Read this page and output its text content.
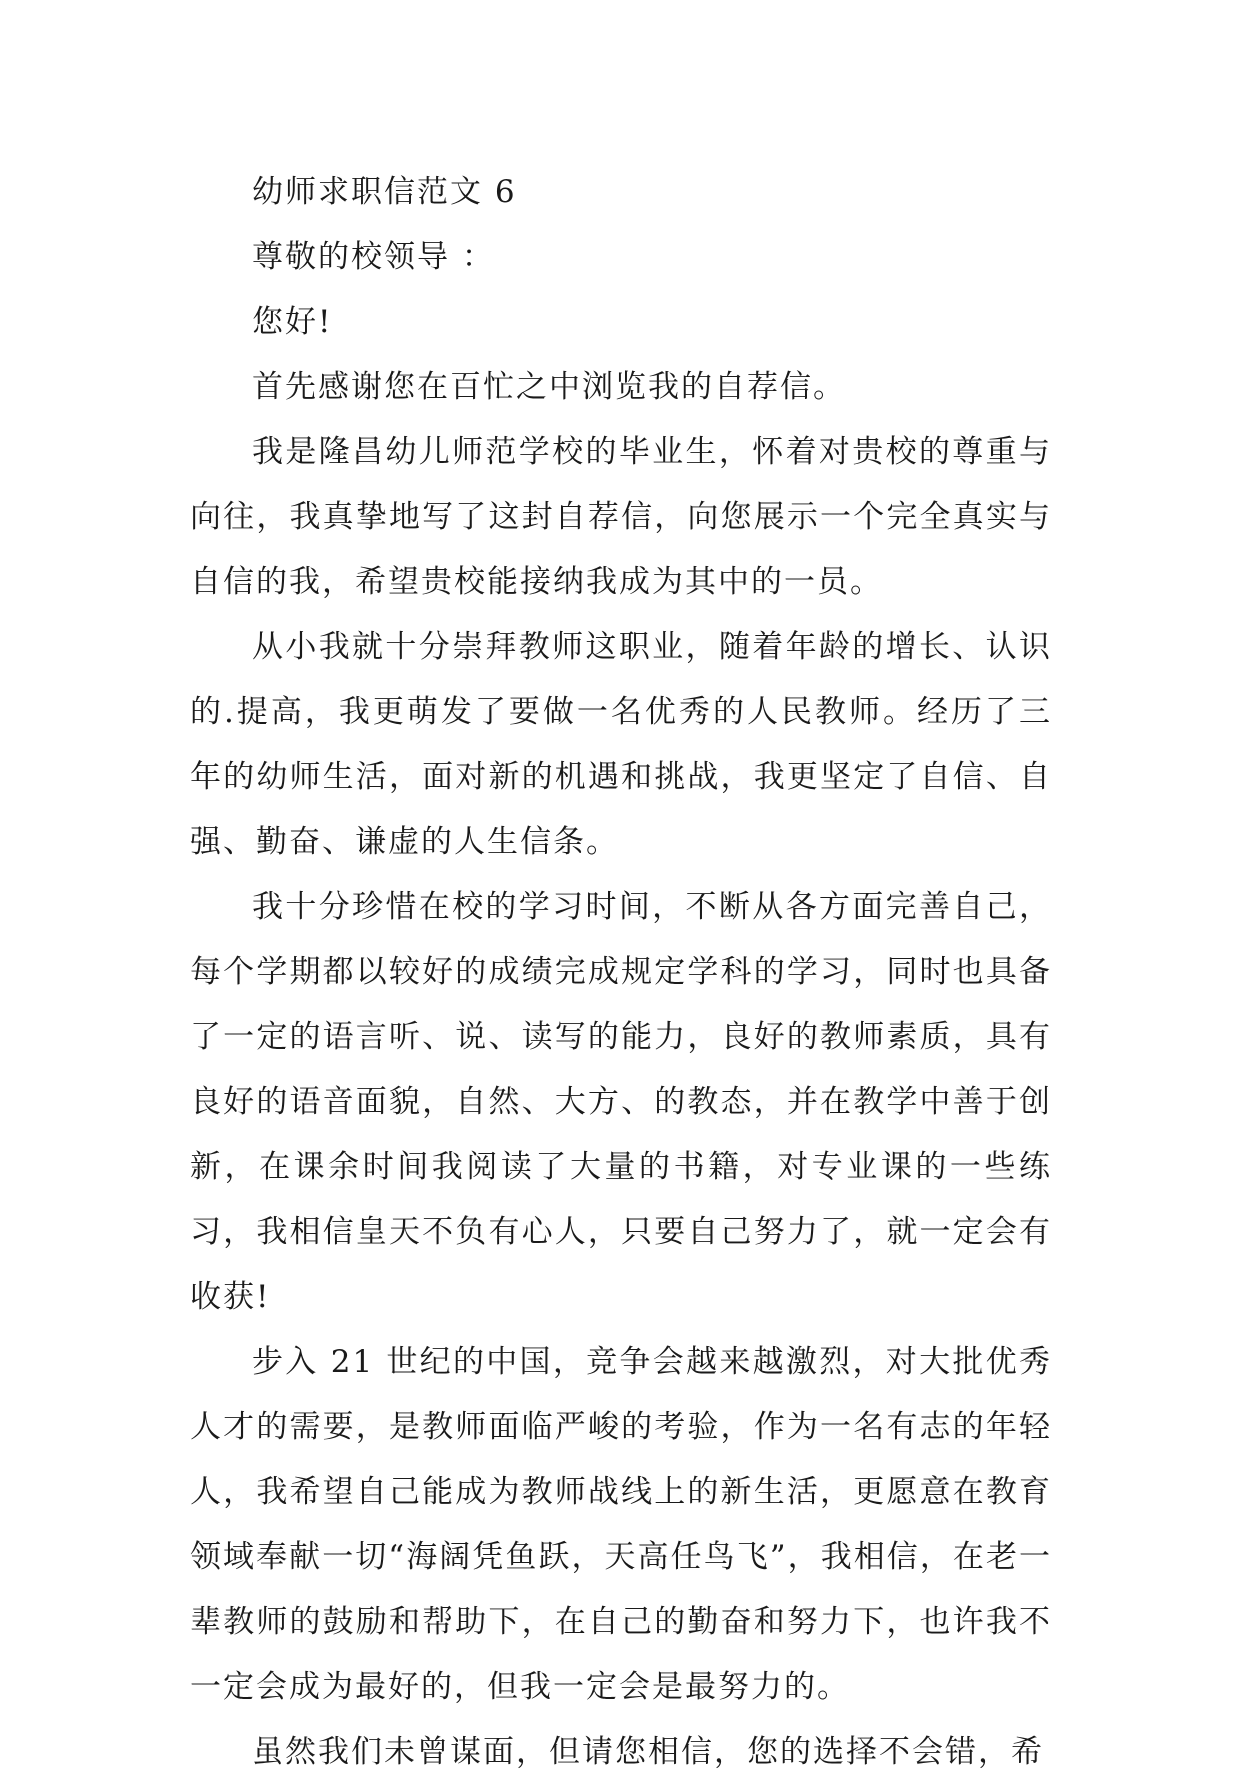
幼师求职信范文 6

尊敬的校领导 ：

您好!

首先感谢您在百忙之中浏览我的自荐信。

我是隆昌幼儿师范学校的毕业生，怀着对贵校的尊重与向往，我真挚地写了这封自荐信，向您展示一个完全真实与自信的我，希望贵校能接纳我成为其中的一员。

从小我就十分崇拜教师这职业，随着年龄的增长、认识的.提高，我更萌发了要做一名优秀的人民教师。经历了三年的幼师生活，面对新的机遇和挑战，我更坚定了自信、自强、勤奋、谦虚的人生信条。

我十分珍惜在校的学习时间，不断从各方面完善自己，每个学期都以较好的成绩完成规定学科的学习，同时也具备了一定的语言听、说、读写的能力，良好的教师素质，具有良好的语音面貌，自然、大方、的教态，并在教学中善于创新，在课余时间我阅读了大量的书籍，对专业课的一些练习，我相信皇天不负有心人，只要自己努力了，就一定会有收获!

步入 21 世纪的中国，竞争会越来越激烈，对大批优秀人才的需要，是教师面临严峻的考验，作为一名有志的年轻人，我希望自己能成为教师战线上的新生活，更愿意在教育领域奉献一切“海阔凭鱼跃，天高任鸟飞”，我相信，在老一辈教师的鼓励和帮助下，在自己的勤奋和努力下，也许我不一定会成为最好的，但我一定会是最努力的。

虽然我们未曾谋面，但请您相信，您的选择不会错，希
